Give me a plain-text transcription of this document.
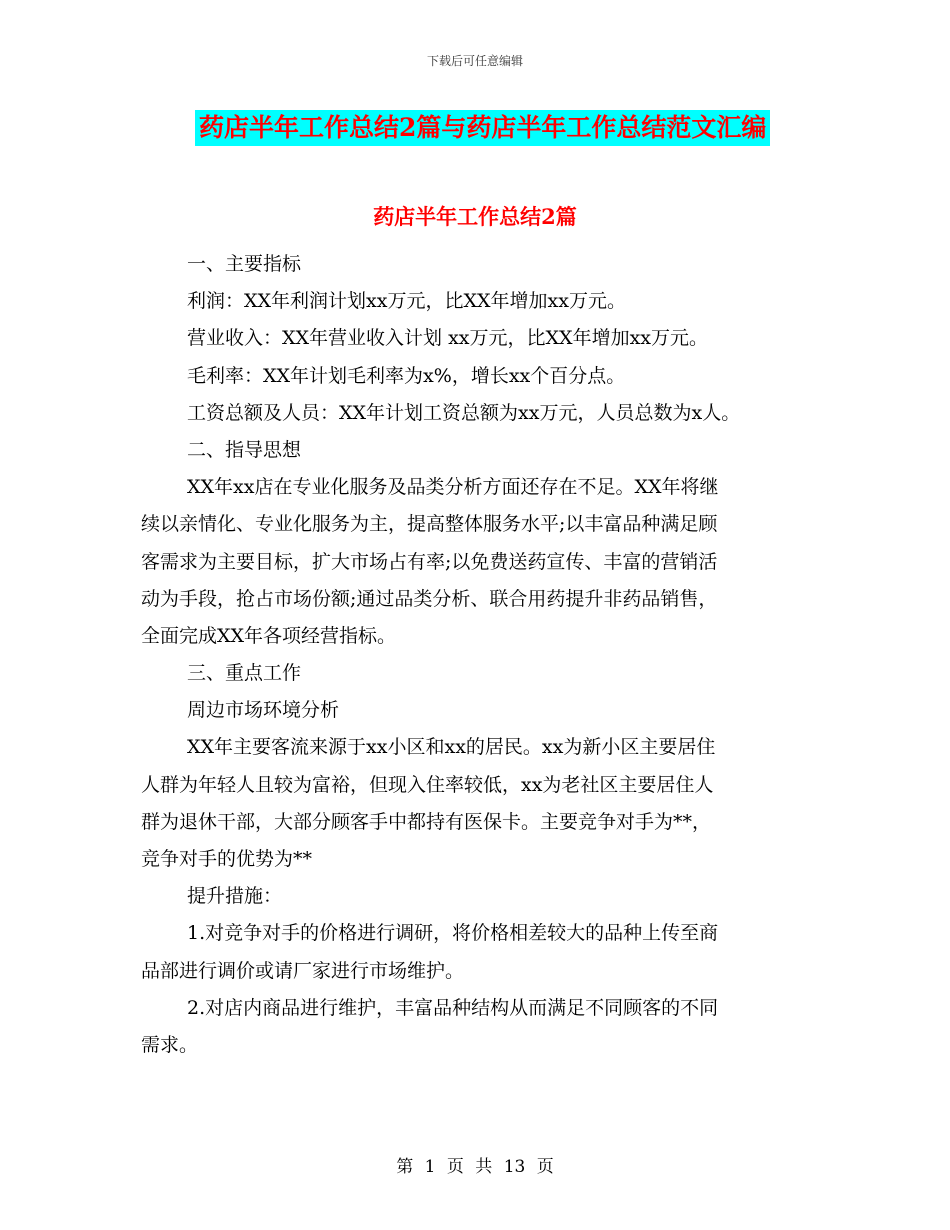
下载后可任意编辑
药店半年工作总结2篇与药店半年工作总结范文汇编
药店半年工作总结2篇
一、主要指标
利润：XX年利润计划xx万元，比XX年增加xx万元。
营业收入：XX年营业收入计划 xx万元，比XX年增加xx万元。
毛利率：XX年计划毛利率为x%，增长xx个百分点。
工资总额及人员：XX年计划工资总额为xx万元，人员总数为x人。
二、指导思想
XX年xx店在专业化服务及品类分析方面还存在不足。XX年将继
续以亲情化、专业化服务为主，提高整体服务水平;以丰富品种满足顾
客需求为主要目标，扩大市场占有率;以免费送药宣传、丰富的营销活
动为手段，抢占市场份额;通过品类分析、联合用药提升非药品销售，
全面完成XX年各项经营指标。
三、重点工作
周边市场环境分析
XX年主要客流来源于xx小区和xx的居民。xx为新小区主要居住
人群为年轻人且较为富裕，但现入住率较低，xx为老社区主要居住人
群为退休干部，大部分顾客手中都持有医保卡。主要竞争对手为**，
竞争对手的优势为**
提升措施：
1.对竞争对手的价格进行调研，将价格相差较大的品种上传至商
品部进行调价或请厂家进行市场维护。
2.对店内商品进行维护，丰富品种结构从而满足不同顾客的不同
需求。
第 1 页 共 13 页
